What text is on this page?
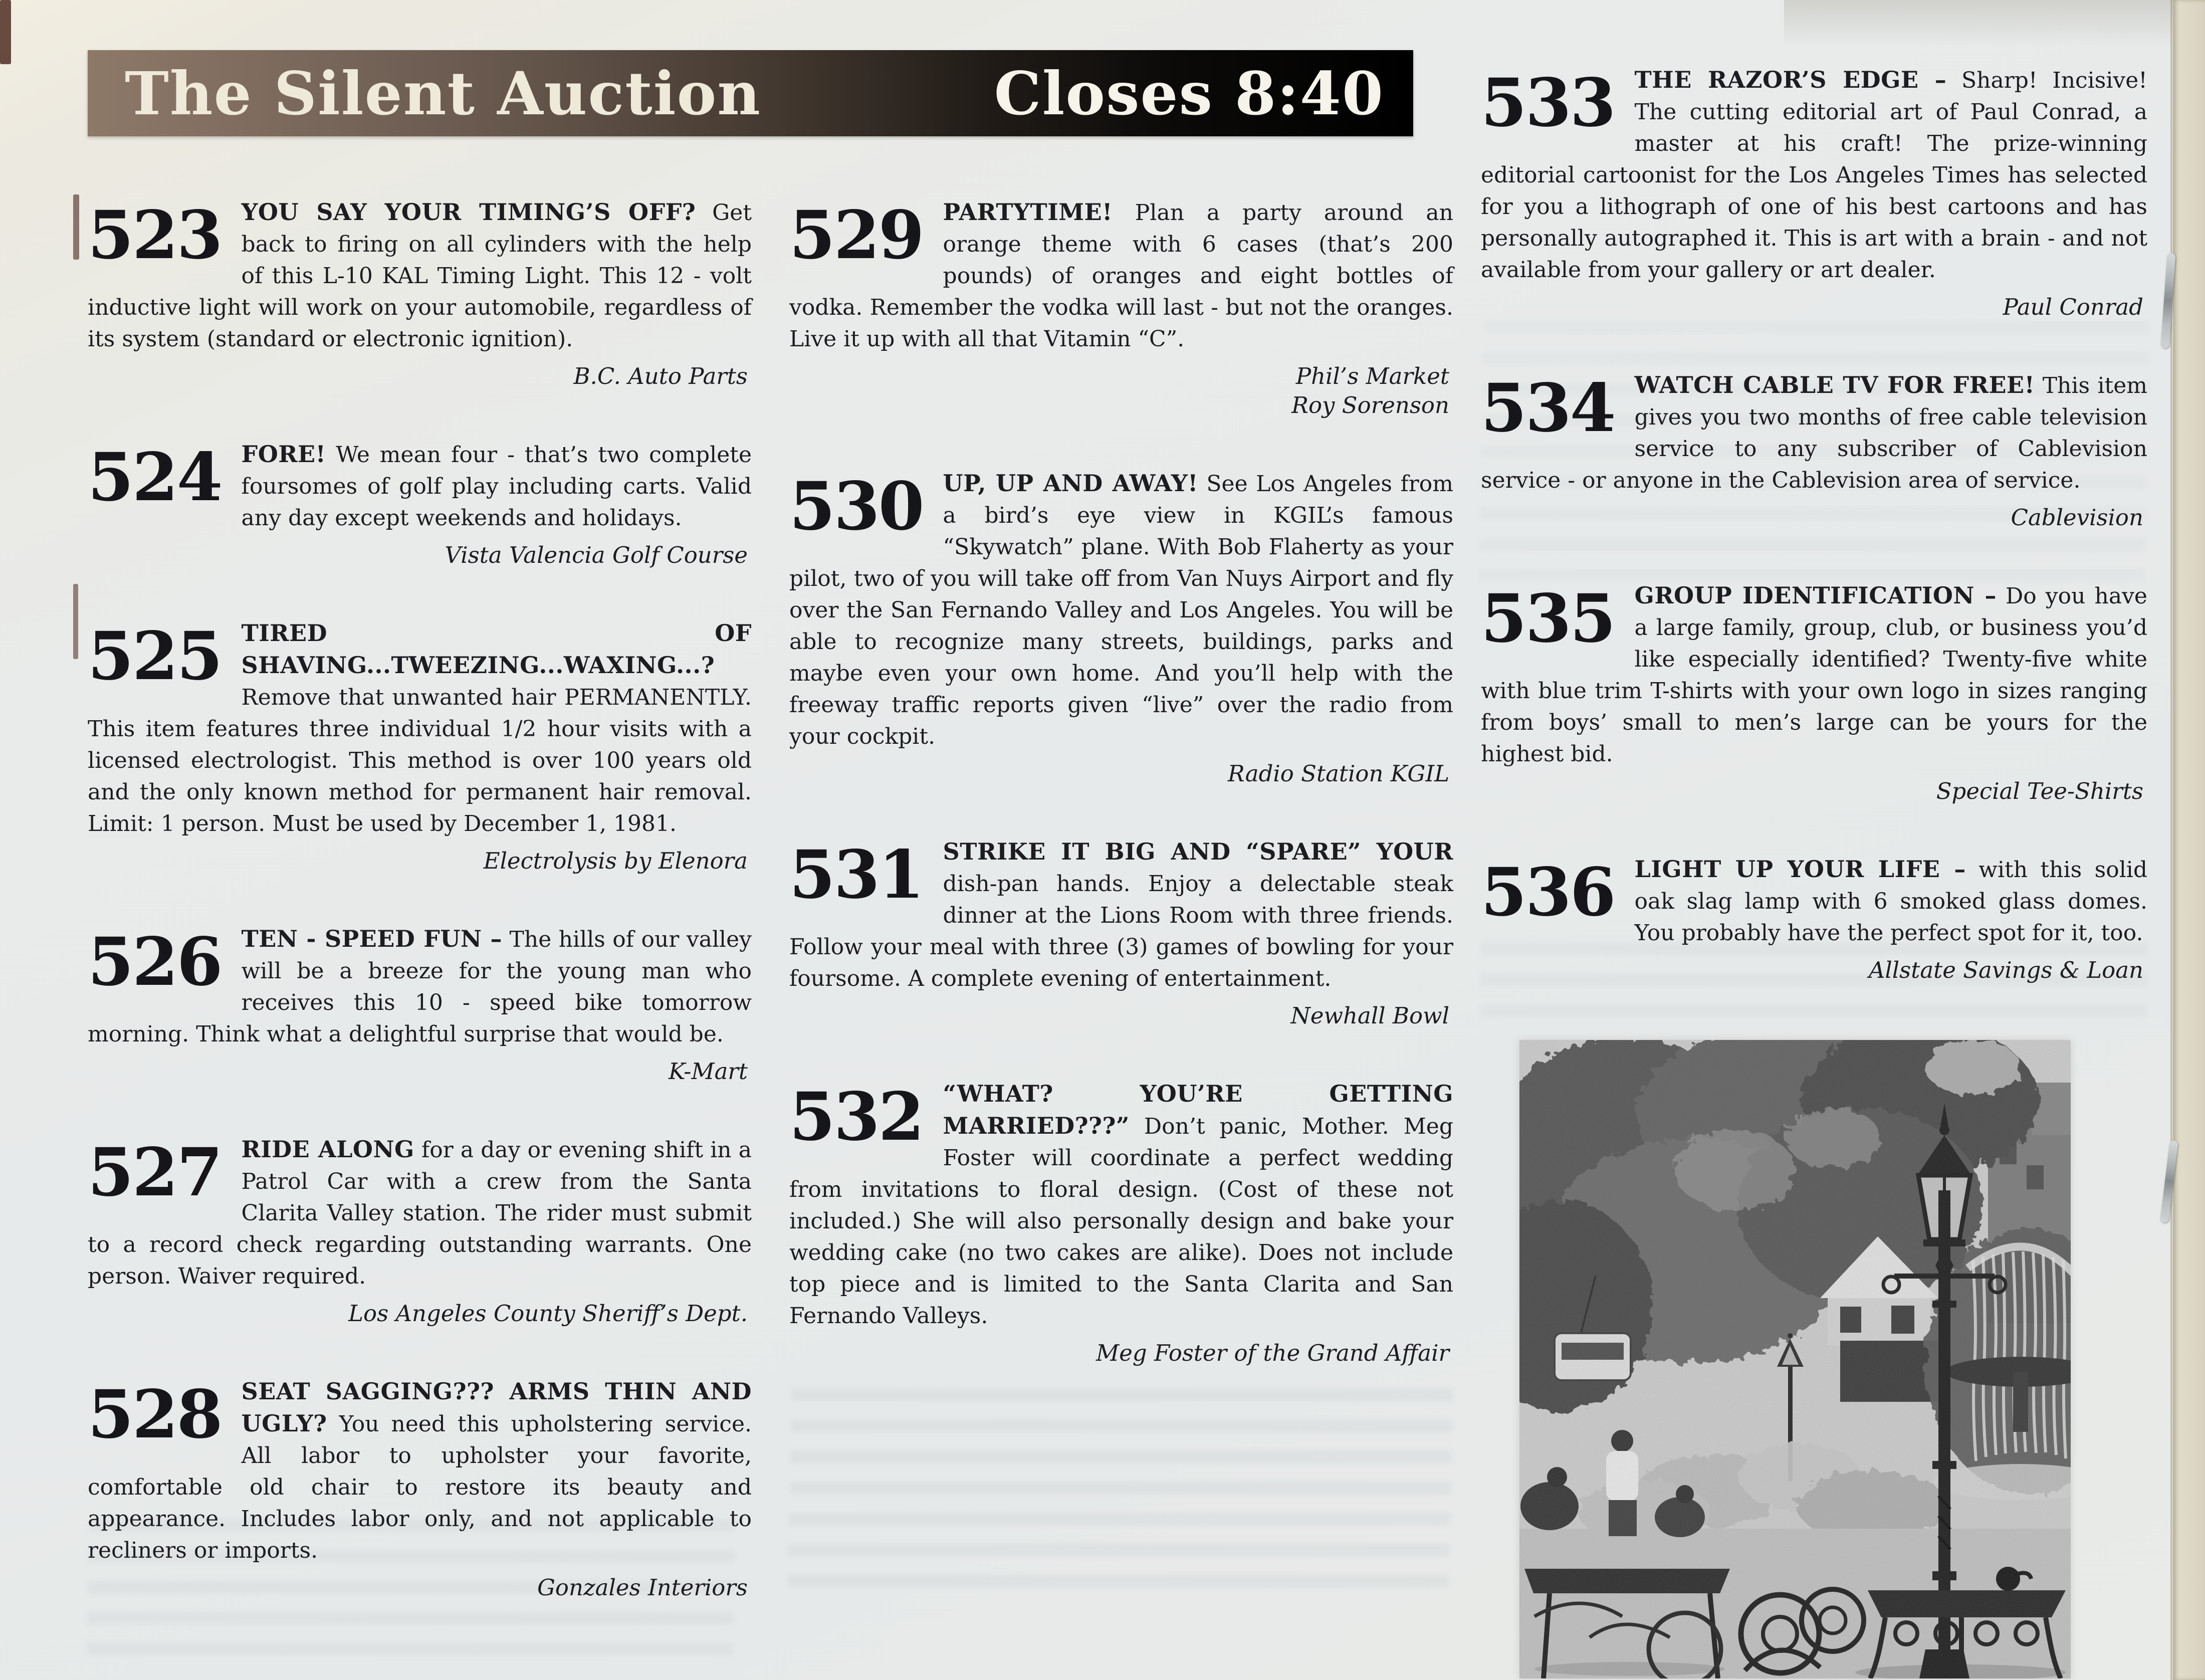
The Silent Auction	Closes 8:40

523 YOU SAY YOUR TIMING’S OFF? Get back to firing on all cylinders with the help of this L-10 KAL Timing Light. This 12 - volt inductive light will work on your automobile, regardless of its system (standard or electronic ignition).

B.C. Auto Parts

524 FORE! We mean four - that’s two complete foursomes of golf play including carts. Valid any day except weekends and holidays.

Vista Valencia Golf Course

525 TIRED OF SHAVING...TWEEZING...WAXING...? Remove that unwanted hair PERMANENTLY. This item features three individual 1/2 hour visits with a licensed electrologist. This method is over 100 years old and the only known method for permanent hair removal. Limit: 1 person. Must be used by December 1, 1981.

Electrolysis by Elenora

526 TEN - SPEED FUN – The hills of our valley will be a breeze for the young man who receives this 10 - speed bike tomorrow morning. Think what a delightful surprise that would be.

K-Mart

527 RIDE ALONG for a day or evening shift in a Patrol Car with a crew from the Santa Clarita Valley station. The rider must submit to a record check regarding outstanding warrants. One person. Waiver required.

Los Angeles County Sheriff’s Dept.

528 SEAT SAGGING??? ARMS THIN AND UGLY? You need this upholstering service. All labor to upholster your favorite, comfortable old chair to restore its beauty and appearance. Includes labor only, and not applicable to recliners or imports.

Gonzales Interiors

529 PARTYTIME! Plan a party around an orange theme with 6 cases (that’s 200 pounds) of oranges and eight bottles of vodka. Remember the vodka will last - but not the oranges. Live it up with all that Vitamin “C”.

Phil’s Market
Roy Sorenson

530 UP, UP AND AWAY! See Los Angeles from a bird’s eye view in KGIL’s famous “Skywatch” plane. With Bob Flaherty as your pilot, two of you will take off from Van Nuys Airport and fly over the San Fernando Valley and Los Angeles. You will be able to recognize many streets, buildings, parks and maybe even your own home. And you’ll help with the freeway traffic reports given “live” over the radio from your cockpit.

Radio Station KGIL

531 STRIKE IT BIG AND “SPARE” YOUR dish-pan hands. Enjoy a delectable steak dinner at the Lions Room with three friends. Follow your meal with three (3) games of bowling for your foursome. A complete evening of entertainment.

Newhall Bowl

532 “WHAT? YOU’RE GETTING MARRIED???” Don’t panic, Mother. Meg Foster will coordinate a perfect wedding from invitations to floral design. (Cost of these not included.) She will also personally design and bake your wedding cake (no two cakes are alike). Does not include top piece and is limited to the Santa Clarita and San Fernando Valleys.

Meg Foster of the Grand Affair

533 THE RAZOR’S EDGE – Sharp! Incisive! The cutting editorial art of Paul Conrad, a master at his craft! The prize-winning editorial cartoonist for the Los Angeles Times has selected for you a lithograph of one of his best cartoons and has personally autographed it. This is art with a brain - and not available from your gallery or art dealer.

Paul Conrad

534 WATCH CABLE TV FOR FREE! This item gives you two months of free cable television service to any subscriber of Cablevision service - or anyone in the Cablevision area of service.

Cablevision

535 GROUP IDENTIFICATION – Do you have a large family, group, club, or business you’d like especially identified? Twenty-five white with blue trim T-shirts with your own logo in sizes ranging from boys’ small to men’s large can be yours for the highest bid.

Special Tee-Shirts

536 LIGHT UP YOUR LIFE – with this solid oak slag lamp with 6 smoked glass domes. You probably have the perfect spot for it, too.

Allstate Savings & Loan
